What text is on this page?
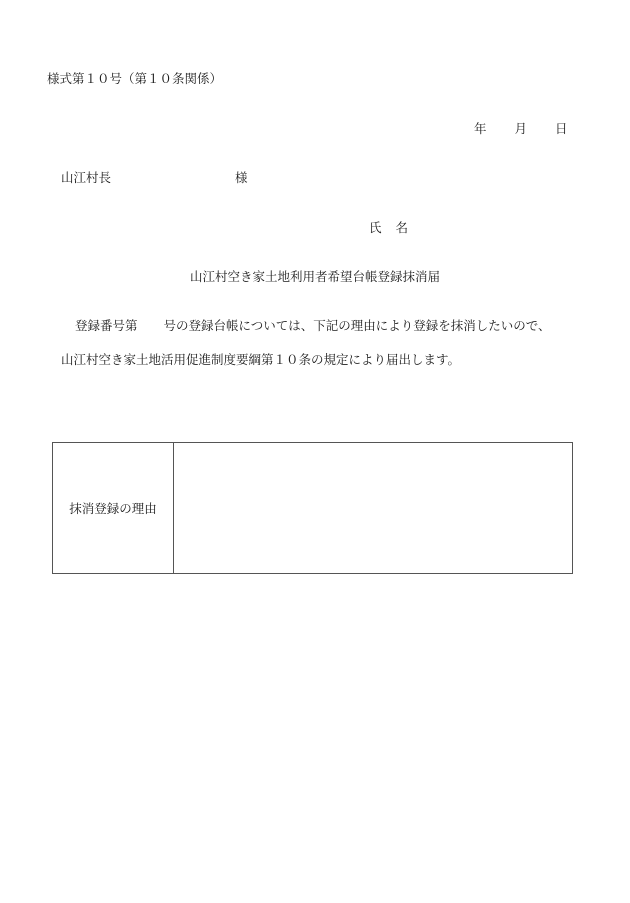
様式第１０号（第１０条関係）
年 月 日
山江村長	様
氏 名
山江村空き家土地利用者希望台帳登録抹消届
登録番号第 号の登録台帳については、下記の理由により登録を抹消したいので、
山江村空き家土地活用促進制度要綱第１０条の規定により届出します。
抹消登録の理由	
